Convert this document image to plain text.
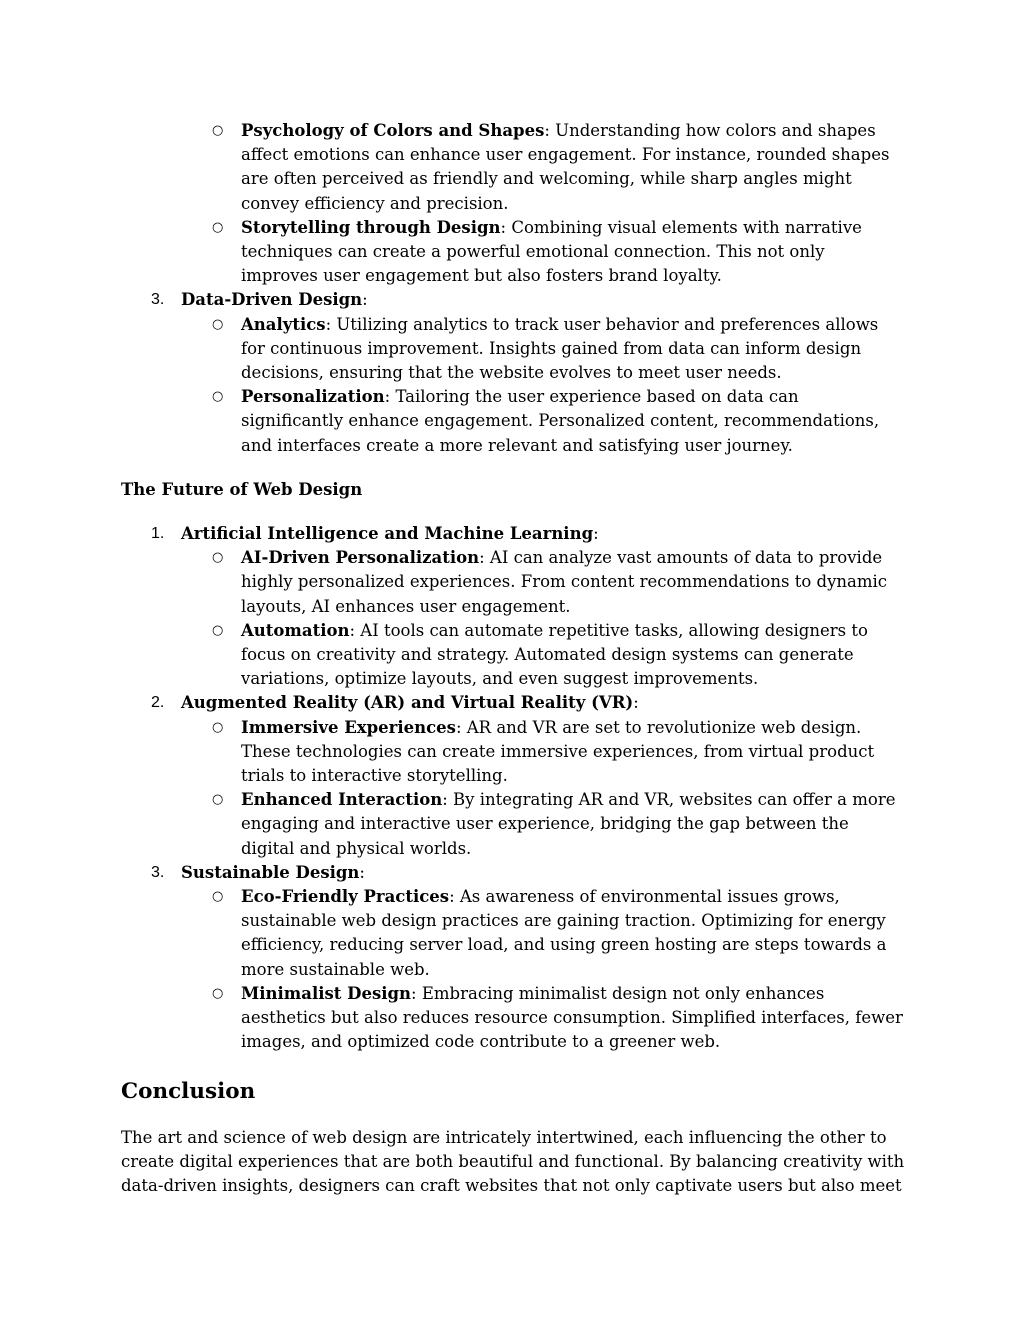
○ Psychology of Colors and Shapes: Understanding how colors and shapes affect emotions can enhance user engagement. For instance, rounded shapes are often perceived as friendly and welcoming, while sharp angles might convey efficiency and precision.
○ Storytelling through Design: Combining visual elements with narrative techniques can create a powerful emotional connection. This not only improves user engagement but also fosters brand loyalty.
3. Data-Driven Design:
○ Analytics: Utilizing analytics to track user behavior and preferences allows for continuous improvement. Insights gained from data can inform design decisions, ensuring that the website evolves to meet user needs.
○ Personalization: Tailoring the user experience based on data can significantly enhance engagement. Personalized content, recommendations, and interfaces create a more relevant and satisfying user journey.
The Future of Web Design
1. Artificial Intelligence and Machine Learning:
○ AI-Driven Personalization: AI can analyze vast amounts of data to provide highly personalized experiences. From content recommendations to dynamic layouts, AI enhances user engagement.
○ Automation: AI tools can automate repetitive tasks, allowing designers to focus on creativity and strategy. Automated design systems can generate variations, optimize layouts, and even suggest improvements.
2. Augmented Reality (AR) and Virtual Reality (VR):
○ Immersive Experiences: AR and VR are set to revolutionize web design. These technologies can create immersive experiences, from virtual product trials to interactive storytelling.
○ Enhanced Interaction: By integrating AR and VR, websites can offer a more engaging and interactive user experience, bridging the gap between the digital and physical worlds.
3. Sustainable Design:
○ Eco-Friendly Practices: As awareness of environmental issues grows, sustainable web design practices are gaining traction. Optimizing for energy efficiency, reducing server load, and using green hosting are steps towards a more sustainable web.
○ Minimalist Design: Embracing minimalist design not only enhances aesthetics but also reduces resource consumption. Simplified interfaces, fewer images, and optimized code contribute to a greener web.
Conclusion
The art and science of web design are intricately intertwined, each influencing the other to create digital experiences that are both beautiful and functional. By balancing creativity with data-driven insights, designers can craft websites that not only captivate users but also meet
